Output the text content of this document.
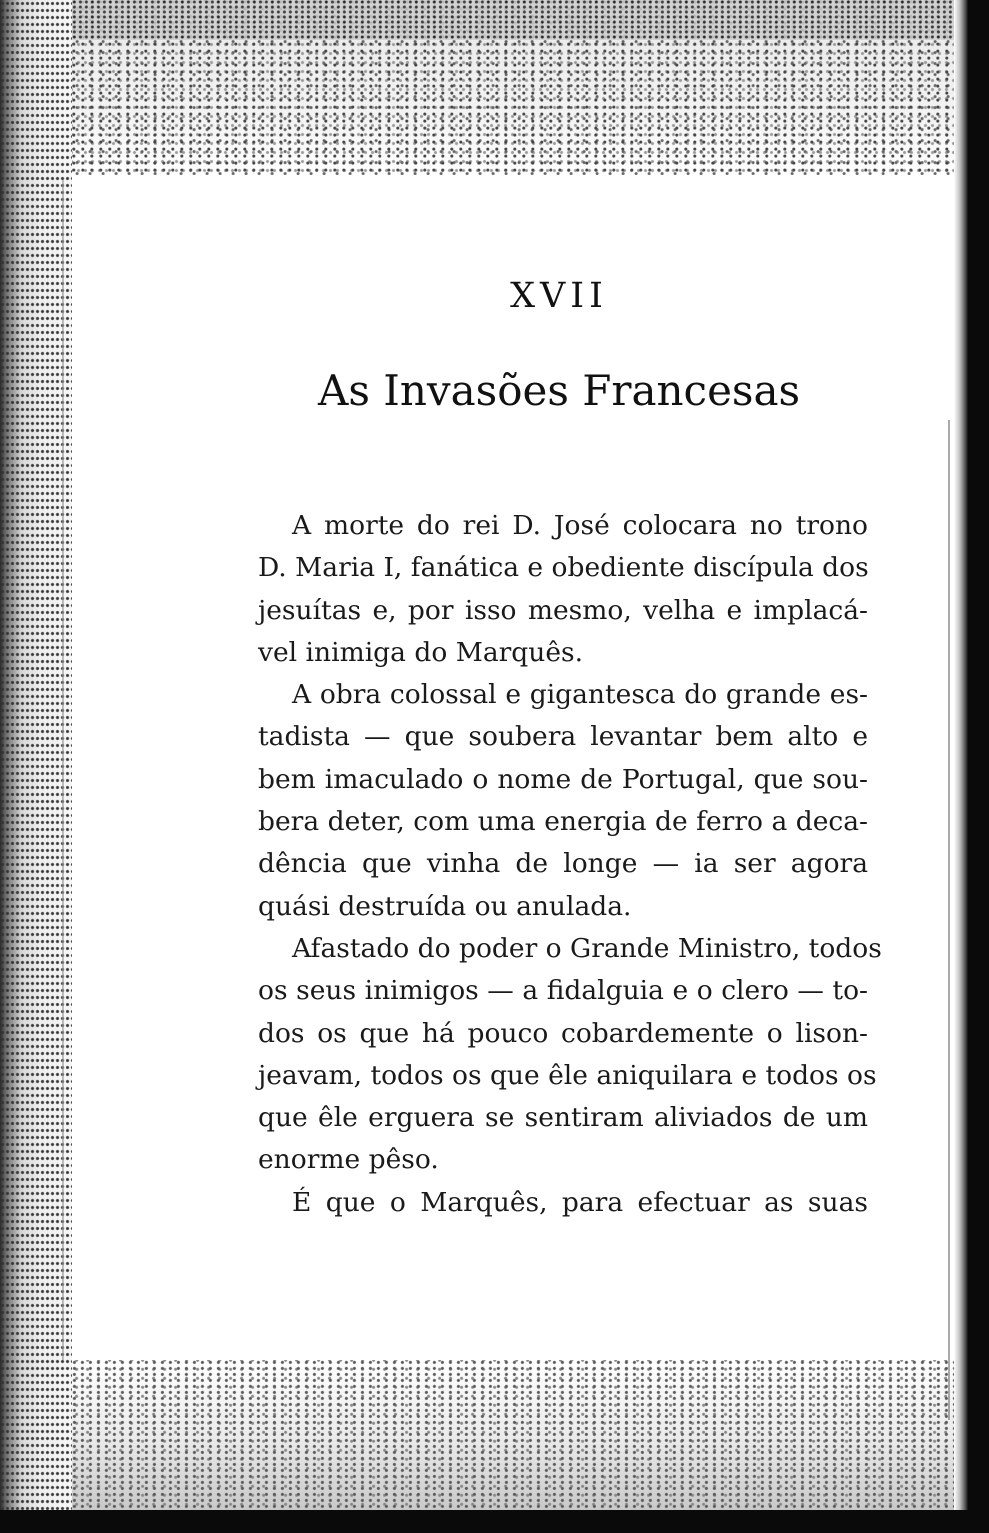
XVII
As Invasões Francesas
A morte do rei D. José colocara no trono
D. Maria I, fanática e obediente discípula dos
jesuítas e, por isso mesmo, velha e implacá-
vel inimiga do Marquês.
A obra colossal e gigantesca do grande es-
tadista — que soubera levantar bem alto e
bem imaculado o nome de Portugal, que sou-
bera deter, com uma energia de ferro a deca-
dência que vinha de longe — ia ser agora
quási destruída ou anulada.
Afastado do poder o Grande Ministro, todos
os seus inimigos — a fidalguia e o clero — to-
dos os que há pouco cobardemente o lison-
jeavam, todos os que êle aniquilara e todos os
que êle erguera se sentiram aliviados de um
enorme pêso.
É que o Marquês, para efectuar as suas
